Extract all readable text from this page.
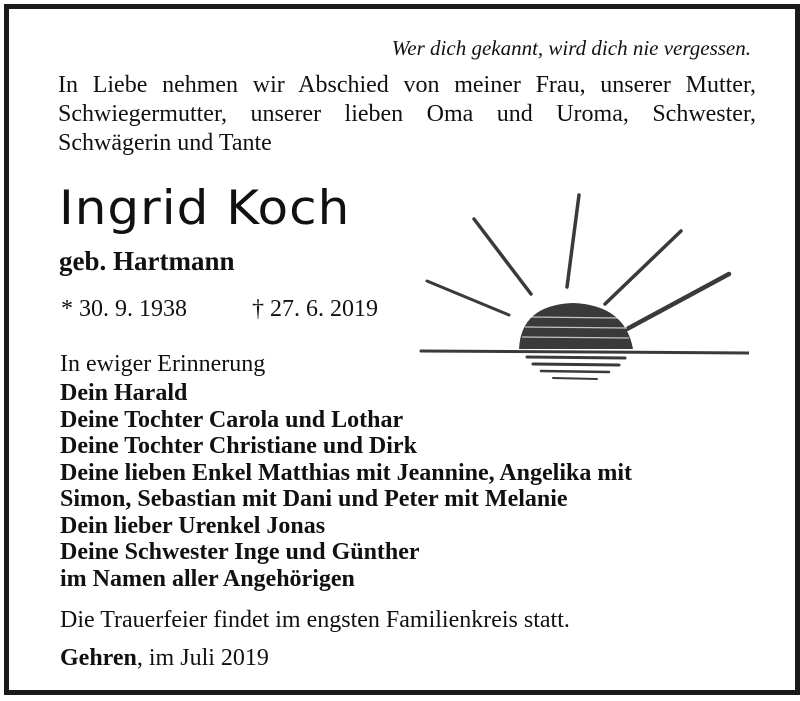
Wer dich gekannt, wird dich nie vergessen.
In Liebe nehmen wir Abschied von meiner Frau, unserer Mutter, Schwiegermutter, unserer lieben Oma und Uroma, Schwester, Schwägerin und Tante
Ingrid Koch
geb. Hartmann
* 30. 9. 1938	† 27. 6. 2019
In ewiger Erinnerung
Dein Harald
Deine Tochter Carola und Lothar
Deine Tochter Christiane und Dirk
Deine lieben Enkel Matthias mit Jeannine, Angelika mit
Simon, Sebastian mit Dani und Peter mit Melanie
Dein lieber Urenkel Jonas
Deine Schwester Inge und Günther
im Namen aller Angehörigen
Die Trauerfeier findet im engsten Familienkreis statt.
Gehren, im Juli 2019
